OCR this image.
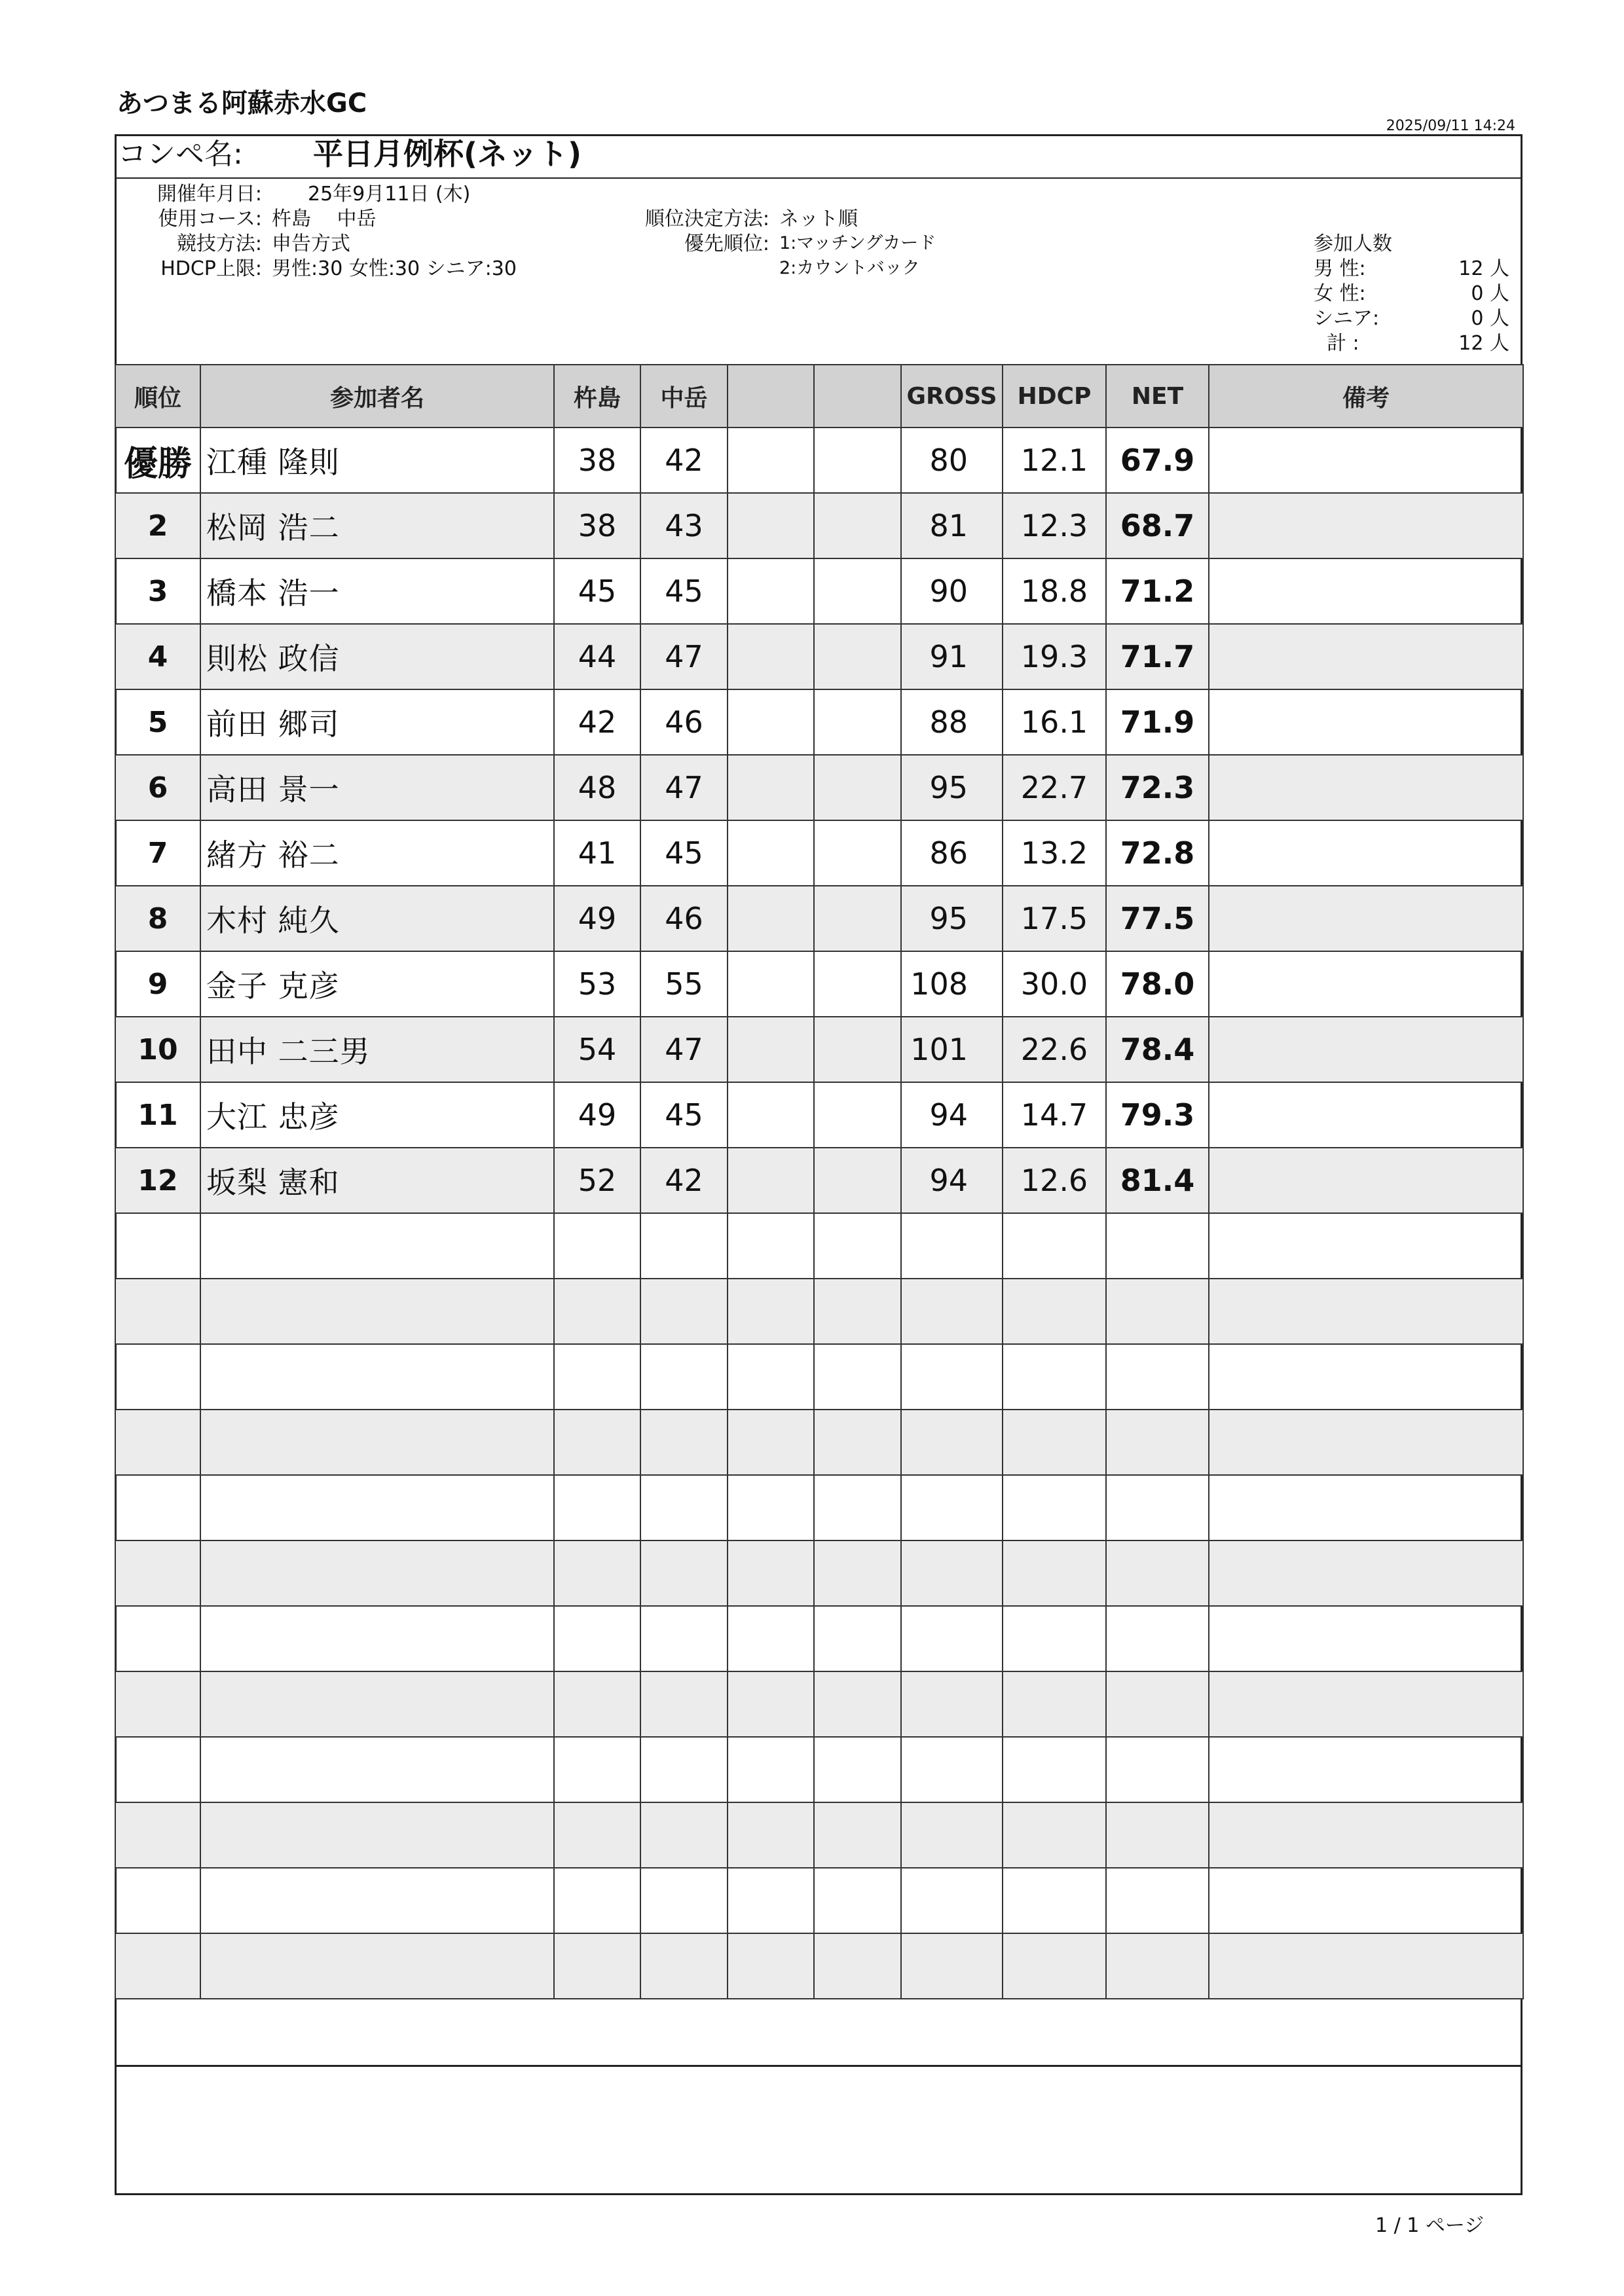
あつまる阿蘇赤水GC
2025/09/11 14:24
コンペ名: 平日月例杯(ネット)
開催年月日: 25年9月11日 (木)
使用コース: 杵島　 中岳
競技方法: 申告方式
HDCP上限: 男性:30 女性:30 シニア:30
順位決定方法: ネット順
優先順位: 1:マッチングカード
2:カウントバック
参加人数
男 性:	12 人
女 性:	0 人
シニア:	0 人
計 :	12 人
順位	参加者名	杵島	中岳			GROSS	HDCP	NET	備考
優勝	江種 隆則	38	42			80	12.1	67.9	
2	松岡 浩二	38	43			81	12.3	68.7	
3	橋本 浩一	45	45			90	18.8	71.2	
4	則松 政信	44	47			91	19.3	71.7	
5	前田 郷司	42	46			88	16.1	71.9	
6	高田 景一	48	47			95	22.7	72.3	
7	緒方 裕二	41	45			86	13.2	72.8	
8	木村 純久	49	46			95	17.5	77.5	
9	金子 克彦	53	55			108	30.0	78.0	
10	田中 二三男	54	47			101	22.6	78.4	
11	大江 忠彦	49	45			94	14.7	79.3	
12	坂梨 憲和	52	42			94	12.6	81.4	

1 / 1 ページ
